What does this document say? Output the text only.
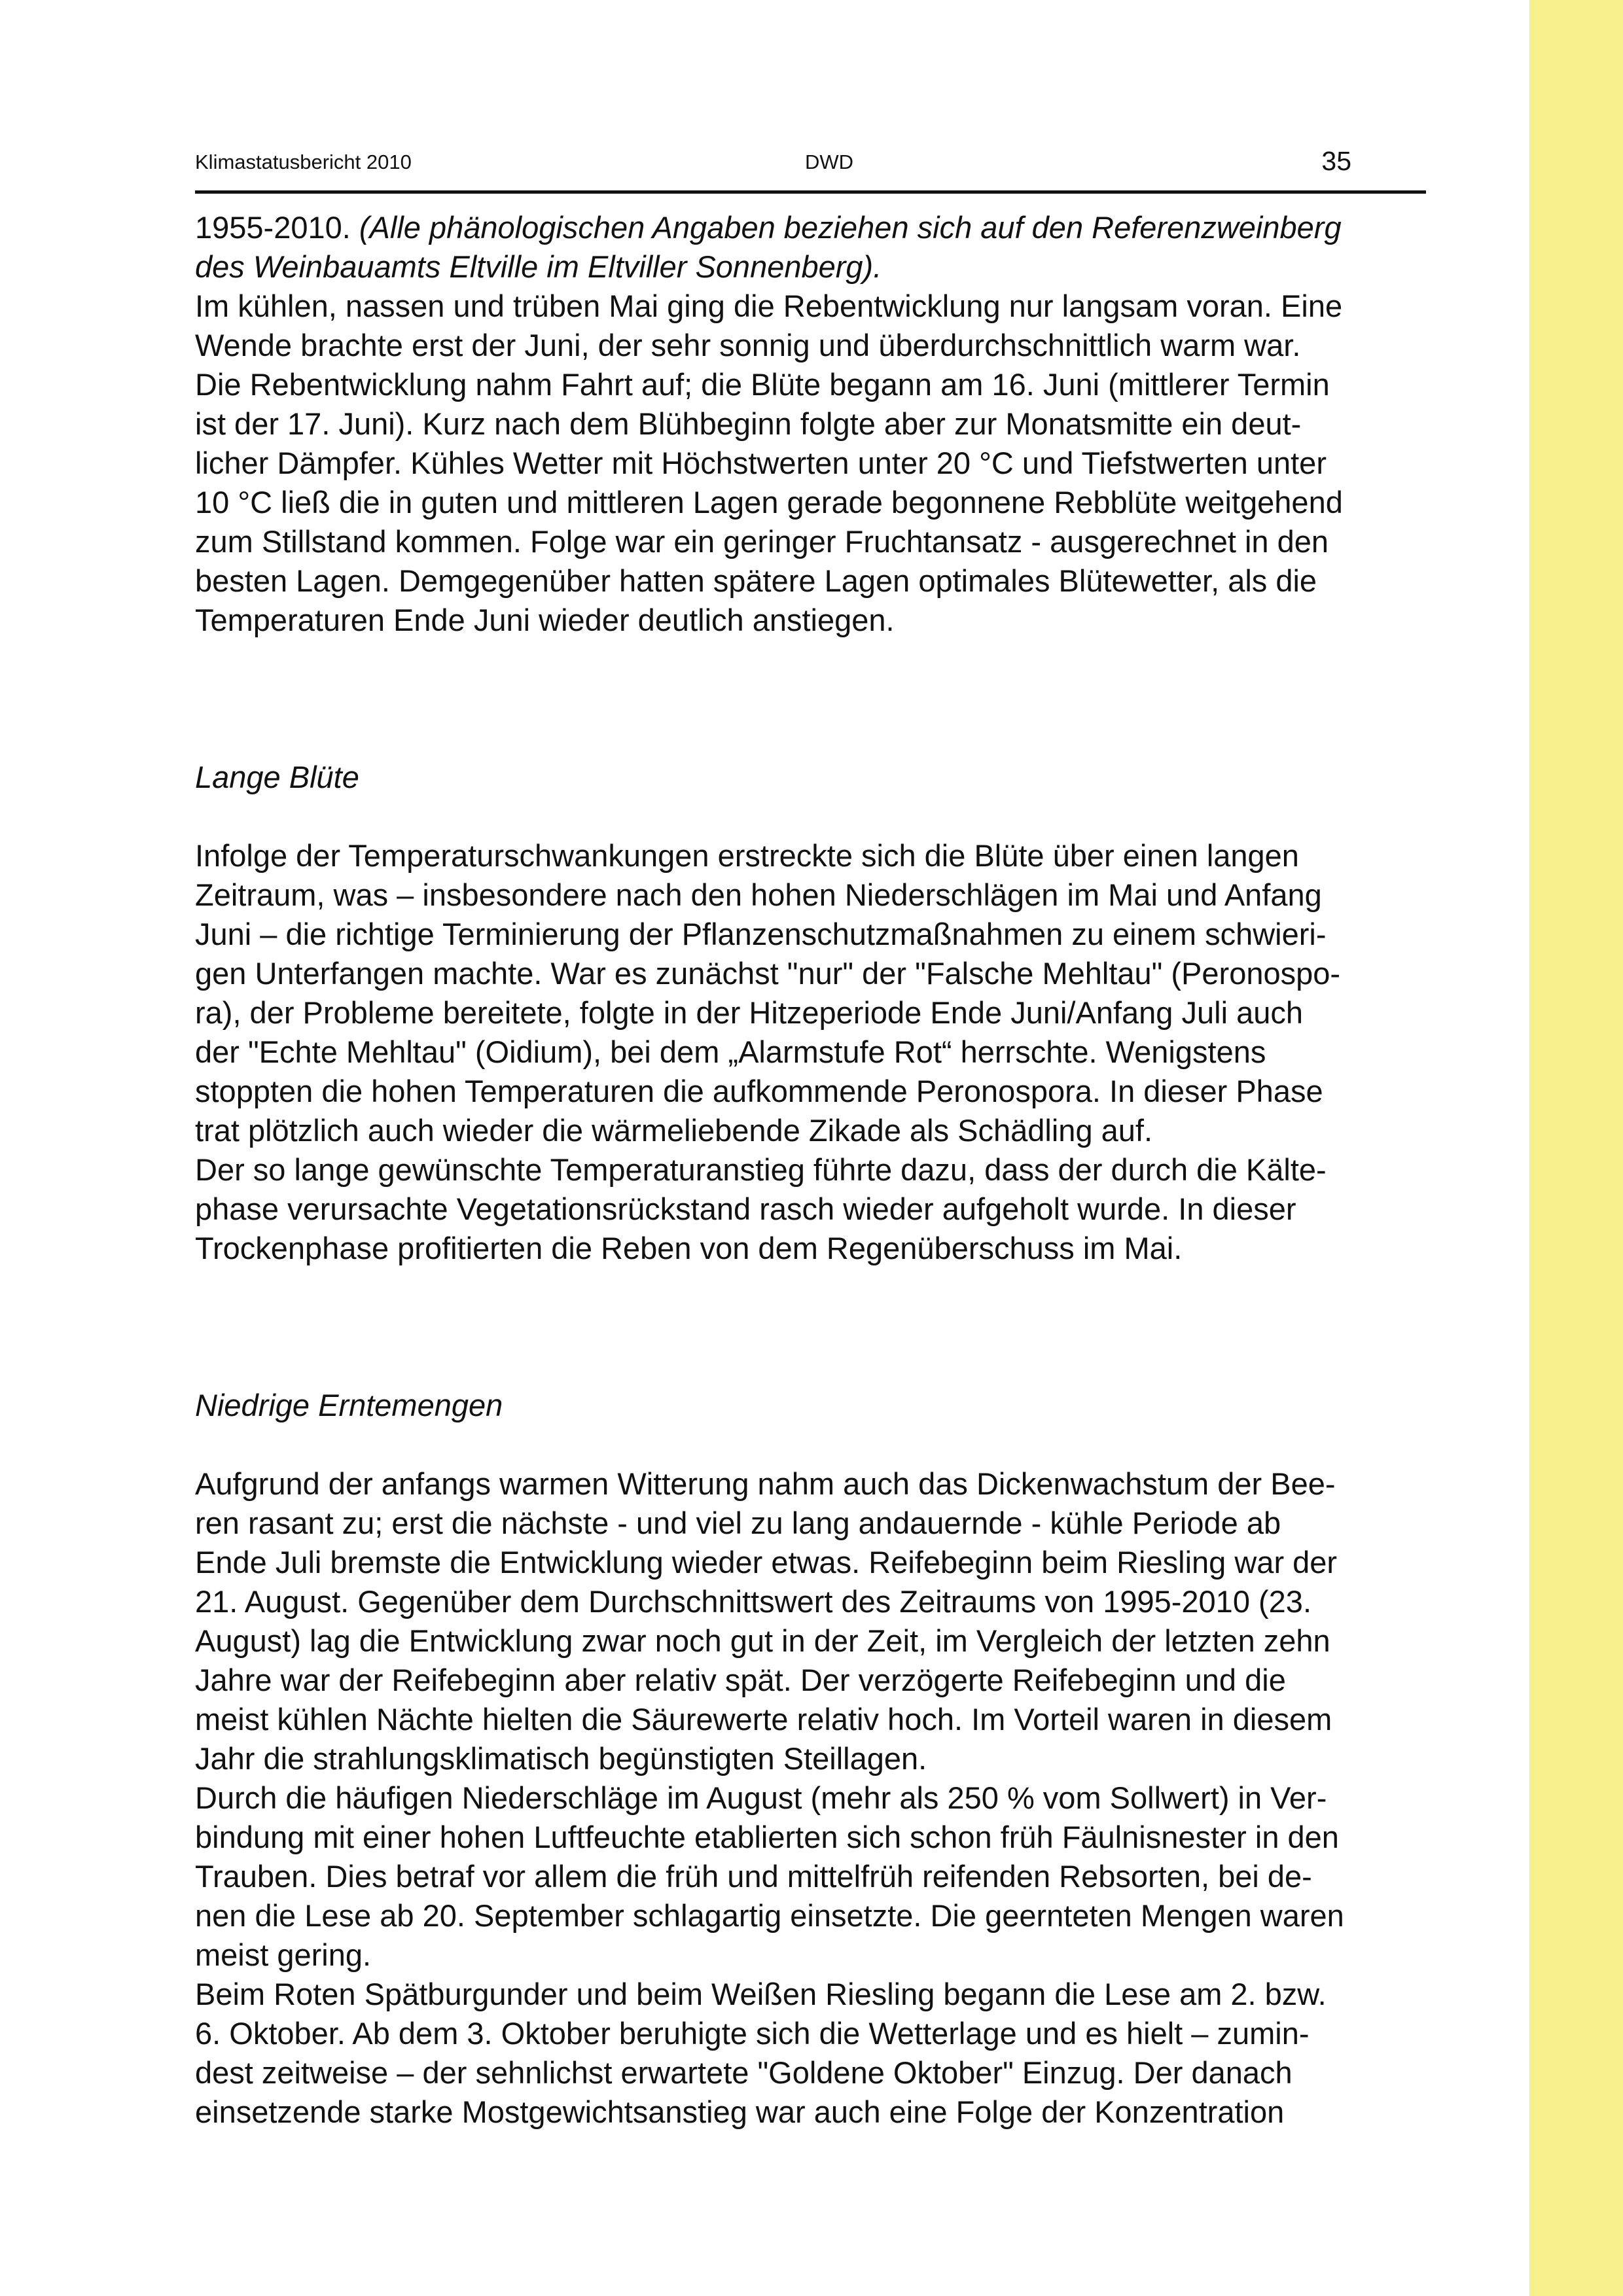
Klimastatusbericht 2010	DWD	35

1955-2010. (Alle phänologischen Angaben beziehen sich auf den Referenzweinberg

des Weinbauamts Eltville im Eltviller Sonnenberg).

Im kühlen, nassen und trüben Mai ging die Rebentwicklung nur langsam voran. Eine

Wende brachte erst der Juni, der sehr sonnig und überdurchschnittlich warm war.

Die Rebentwicklung nahm Fahrt auf; die Blüte begann am 16. Juni (mittlerer Termin

ist der 17. Juni). Kurz nach dem Blühbeginn folgte aber zur Monatsmitte ein deut-

licher Dämpfer. Kühles Wetter mit Höchstwerten unter 20 °C und Tiefstwerten unter

10 °C ließ die in guten und mittleren Lagen gerade begonnene Rebblüte weitgehend

zum Stillstand kommen. Folge war ein geringer Fruchtansatz - ausgerechnet in den

besten Lagen. Demgegenüber hatten spätere Lagen optimales Blütewetter, als die

Temperaturen Ende Juni wieder deutlich anstiegen.

Lange Blüte

Infolge der Temperaturschwankungen erstreckte sich die Blüte über einen langen

Zeitraum, was – insbesondere nach den hohen Niederschlägen im Mai und Anfang

Juni – die richtige Terminierung der Pflanzenschutzmaßnahmen zu einem schwieri-

gen Unterfangen machte. War es zunächst "nur" der "Falsche Mehltau" (Peronospo-

ra), der Probleme bereitete, folgte in der Hitzeperiode Ende Juni/Anfang Juli auch

der "Echte Mehltau" (Oidium), bei dem „Alarmstufe Rot“ herrschte. Wenigstens

stoppten die hohen Temperaturen die aufkommende Peronospora. In dieser Phase

trat plötzlich auch wieder die wärmeliebende Zikade als Schädling auf.

Der so lange gewünschte Temperaturanstieg führte dazu, dass der durch die Kälte-

phase verursachte Vegetationsrückstand rasch wieder aufgeholt wurde. In dieser

Trockenphase profitierten die Reben von dem Regenüberschuss im Mai.

Niedrige Erntemengen

Aufgrund der anfangs warmen Witterung nahm auch das Dickenwachstum der Bee-

ren rasant zu; erst die nächste - und viel zu lang andauernde - kühle Periode ab

Ende Juli bremste die Entwicklung wieder etwas. Reifebeginn beim Riesling war der

21. August. Gegenüber dem Durchschnittswert des Zeitraums von 1995-2010 (23.

August) lag die Entwicklung zwar noch gut in der Zeit, im Vergleich der letzten zehn

Jahre war der Reifebeginn aber relativ spät. Der verzögerte Reifebeginn und die

meist kühlen Nächte hielten die Säurewerte relativ hoch. Im Vorteil waren in diesem

Jahr die strahlungsklimatisch begünstigten Steillagen.

Durch die häufigen Niederschläge im August (mehr als 250 % vom Sollwert) in Ver-

bindung mit einer hohen Luftfeuchte etablierten sich schon früh Fäulnisnester in den

Trauben. Dies betraf vor allem die früh und mittelfrüh reifenden Rebsorten, bei de-

nen die Lese ab 20. September schlagartig einsetzte. Die geernteten Mengen waren

meist gering.

Beim Roten Spätburgunder und beim Weißen Riesling begann die Lese am 2. bzw.

6. Oktober. Ab dem 3. Oktober beruhigte sich die Wetterlage und es hielt – zumin-

dest zeitweise – der sehnlichst erwartete "Goldene Oktober" Einzug. Der danach

einsetzende starke Mostgewichtsanstieg war auch eine Folge der Konzentration
